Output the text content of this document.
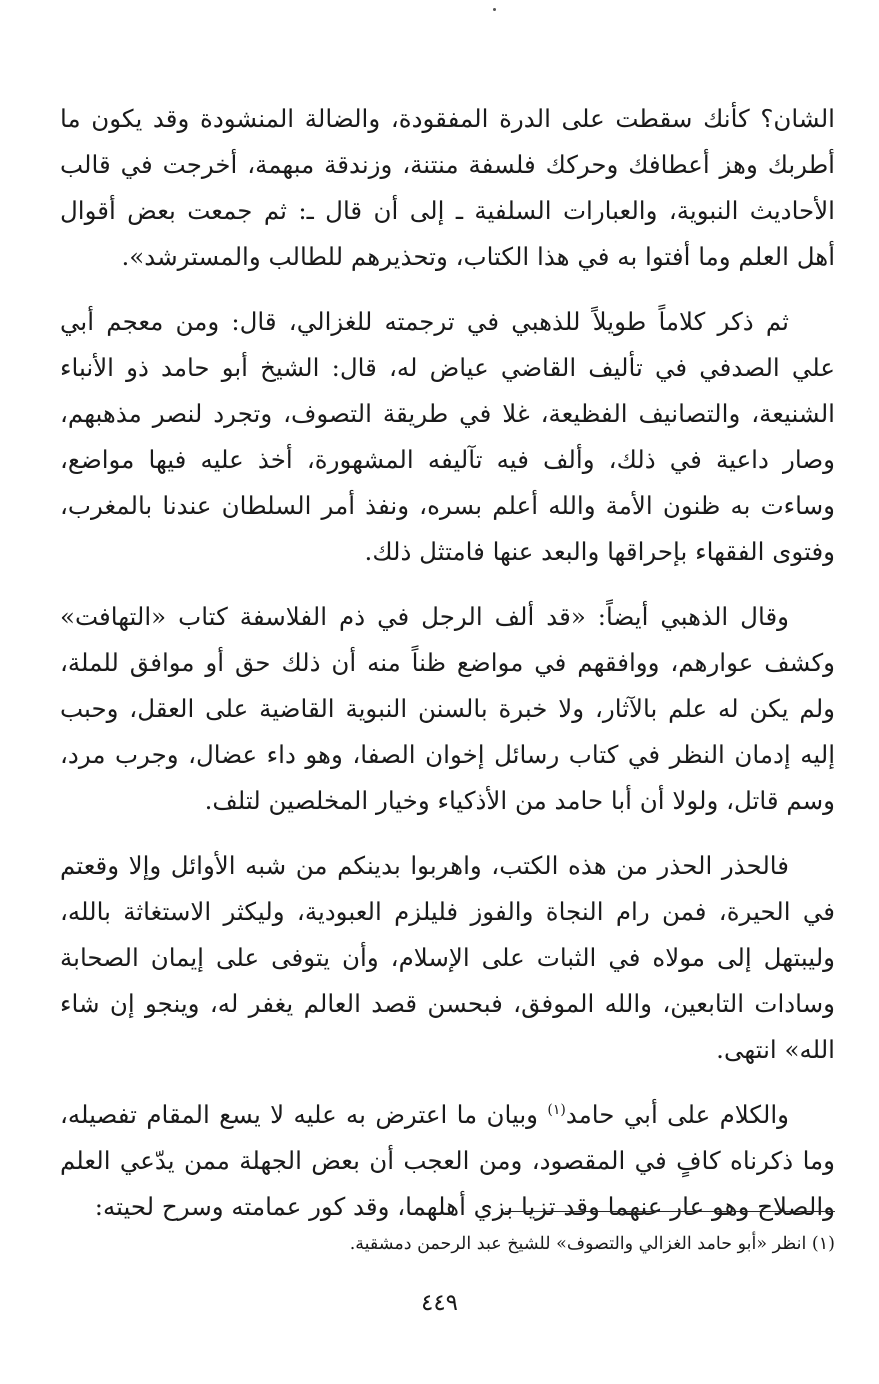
الشان؟ كأنك سقطت على الدرة المفقودة، والضالة المنشودة وقد يكون ما أطربك وهز أعطافك وحركك فلسفة منتنة، وزندقة مبهمة، أخرجت في قالب الأحاديث النبوية، والعبارات السلفية ـ إلى أن قال ـ: ثم جمعت بعض أقوال أهل العلم وما أفتوا به في هذا الكتاب، وتحذيرهم للطالب والمسترشد».

ثم ذكر كلاماً طويلاً للذهبي في ترجمته للغزالي، قال: ومن معجم أبي علي الصدفي في تأليف القاضي عياض له، قال: الشيخ أبو حامد ذو الأنباء الشنيعة، والتصانيف الفظيعة، غلا في طريقة التصوف، وتجرد لنصر مذهبهم، وصار داعية في ذلك، وألف فيه تآليفه المشهورة، أخذ عليه فيها مواضع، وساءت به ظنون الأمة والله أعلم بسره، ونفذ أمر السلطان عندنا بالمغرب، وفتوى الفقهاء بإحراقها والبعد عنها فامتثل ذلك.

وقال الذهبي أيضاً: «قد ألف الرجل في ذم الفلاسفة كتاب «التهافت» وكشف عوارهم، ووافقهم في مواضع ظناً منه أن ذلك حق أو موافق للملة، ولم يكن له علم بالآثار، ولا خبرة بالسنن النبوية القاضية على العقل، وحبب إليه إدمان النظر في كتاب رسائل إخوان الصفا، وهو داء عضال، وجرب مرد، وسم قاتل، ولولا أن أبا حامد من الأذكياء وخيار المخلصين لتلف.

فالحذر الحذر من هذه الكتب، واهربوا بدينكم من شبه الأوائل وإلا وقعتم في الحيرة، فمن رام النجاة والفوز فليلزم العبودية، وليكثر الاستغاثة بالله، وليبتهل إلى مولاه في الثبات على الإسلام، وأن يتوفى على إيمان الصحابة وسادات التابعين، والله الموفق، فبحسن قصد العالم يغفر له، وينجو إن شاء الله» انتهى.

والكلام على أبي حامد$^{(١)}$ وبيان ما اعترض به عليه لا يسع المقام تفصيله، وما ذكرناه كافٍ في المقصود، ومن العجب أن بعض الجهلة ممن يدّعي العلم والصلاح وهو عار عنهما وقد تزيا بزي أهلهما، وقد كور عمامته وسرح لحيته:

(١) انظر «أبو حامد الغزالي والتصوف» للشيخ عبد الرحمن دمشقية.
٤٤٩
